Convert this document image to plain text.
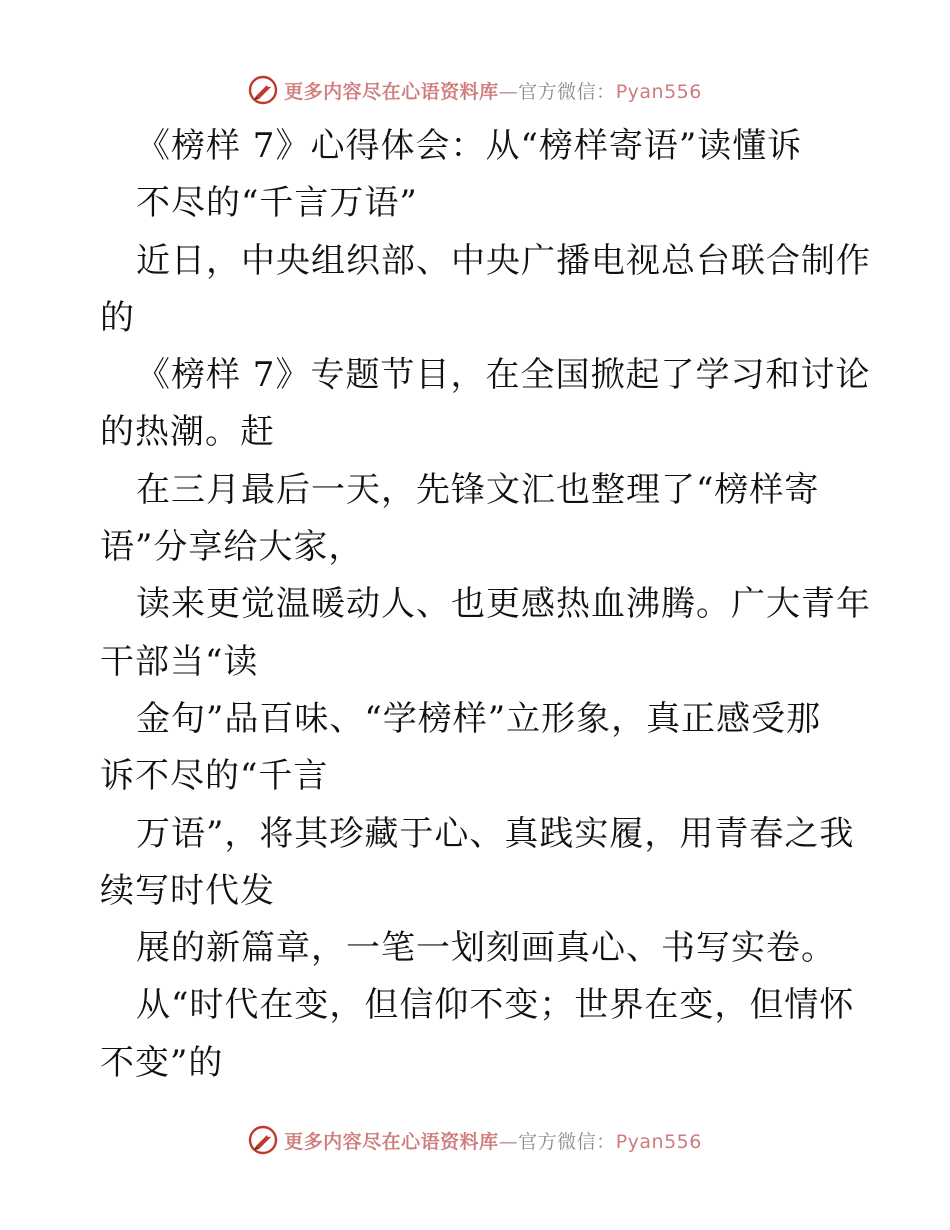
更多内容尽在心语资料库—官方微信：Pyan556
《榜样 7》心得体会：从“榜样寄语”读懂诉
不尽的“千言万语”
近日，中央组织部、中央广播电视总台联合制作
的
《榜样 7》专题节目，在全国掀起了学习和讨论
的热潮。赶
在三月最后一天，先锋文汇也整理了“榜样寄
语”分享给大家，
读来更觉温暖动人、也更感热血沸腾。广大青年
干部当“读
金句”品百味、“学榜样”立形象，真正感受那
诉不尽的“千言
万语”，将其珍藏于心、真践实履，用青春之我
续写时代发
展的新篇章，一笔一划刻画真心、书写实卷。
从“时代在变，但信仰不变；世界在变，但情怀
不变”的
更多内容尽在心语资料库—官方微信：Pyan556
